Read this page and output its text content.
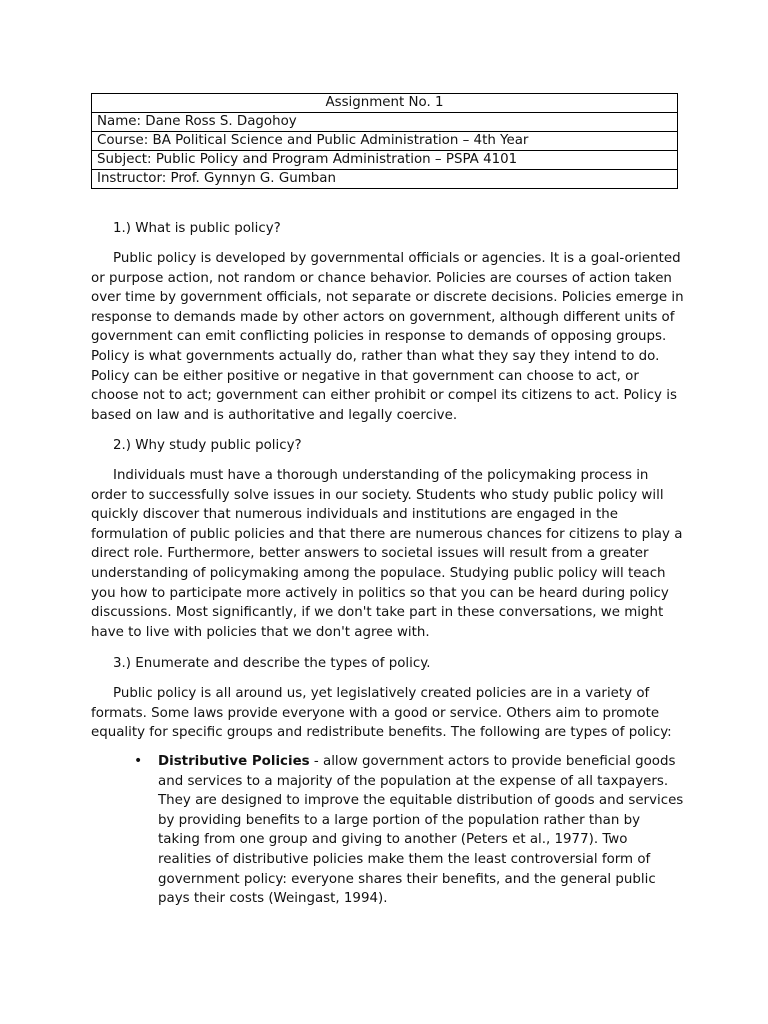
Assignment No. 1
Name: Dane Ross S. Dagohoy
Course: BA Political Science and Public Administration – 4th Year
Subject: Public Policy and Program Administration – PSPA 4101
Instructor: Prof. Gynnyn G. Gumban
1.) What is public policy?
Public policy is developed by governmental officials or agencies. It is a goal-oriented
or purpose action, not random or chance behavior. Policies are courses of action taken
over time by government officials, not separate or discrete decisions. Policies emerge in
response to demands made by other actors on government, although different units of
government can emit conflicting policies in response to demands of opposing groups.
Policy is what governments actually do, rather than what they say they intend to do.
Policy can be either positive or negative in that government can choose to act, or
choose not to act; government can either prohibit or compel its citizens to act. Policy is
based on law and is authoritative and legally coercive.
2.) Why study public policy?
Individuals must have a thorough understanding of the policymaking process in
order to successfully solve issues in our society. Students who study public policy will
quickly discover that numerous individuals and institutions are engaged in the
formulation of public policies and that there are numerous chances for citizens to play a
direct role. Furthermore, better answers to societal issues will result from a greater
understanding of policymaking among the populace. Studying public policy will teach
you how to participate more actively in politics so that you can be heard during policy
discussions. Most significantly, if we don't take part in these conversations, we might
have to live with policies that we don't agree with.
3.) Enumerate and describe the types of policy.
Public policy is all around us, yet legislatively created policies are in a variety of
formats. Some laws provide everyone with a good or service. Others aim to promote
equality for specific groups and redistribute benefits. The following are types of policy:
• Distributive Policies - allow government actors to provide beneficial goods
and services to a majority of the population at the expense of all taxpayers.
They are designed to improve the equitable distribution of goods and services
by providing benefits to a large portion of the population rather than by
taking from one group and giving to another (Peters et al., 1977). Two
realities of distributive policies make them the least controversial form of
government policy: everyone shares their benefits, and the general public
pays their costs (Weingast, 1994).
